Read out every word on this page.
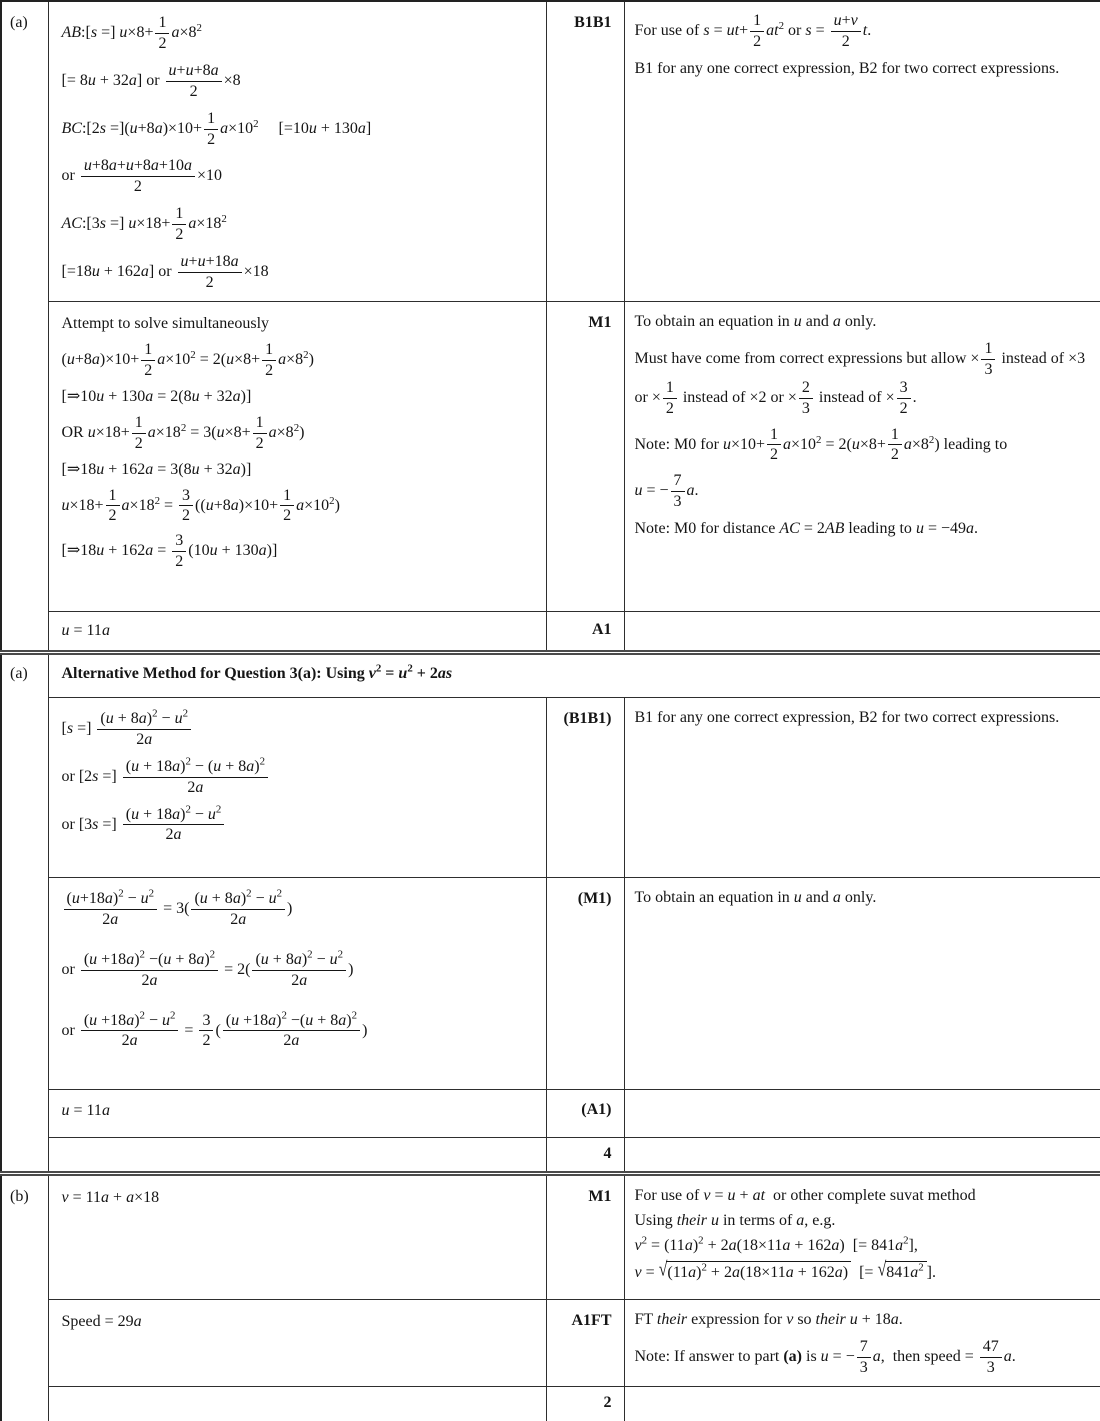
(a)	
AB:[s =] $u\times 8+ \frac{1}{2} a\times 8^2$
[= 8u + 32a] or $\frac{u+u+8a}{2} \times 8$
BC:[2s $=](u+8a)\times 10+ \frac{1}{2} a\times 10^2$     [=10u + 130a]
or $\frac{u+8a+u+8a+10a}{2} \times 10$
AC:[3s =] $u\times 18+ \frac{1}{2} a\times 18^2$
[=18u + 162a] or $\frac{u+u+18a}{2} \times 18$
	B1B1	For use of $s = ut+ \frac{1}{2} at^2$ or $s = \frac{u+v}{2} t$.
B1 for any one correct expression, B2 for two correct expressions.

Attempt to solve simultaneously
$(u+8a)\times 10+ \frac{1}{2} a\times 10^2 = 2(u\times 8+ \frac{1}{2} a\times 8^2)$
[⇒10u + 130a = 2(8u + 32a)]
OR $u\times 18+ \frac{1}{2} a\times 18^2 = 3(u\times 8+ \frac{1}{2} a\times 8^2)$
[⇒18u + 162a = 3(8u + 32a)]
$u\times 18+ \frac{1}{2} a\times 18^2 = \frac{3}{2} ((u+8a)\times 10+ \frac{1}{2} a\times 10^2)$
[⇒18u + $162a = \frac{3}{2} (10u + 130a)$]
	M1	To obtain an equation in u and a only.
Must have come from correct expressions but allow × $\frac{1}{3}$ instead of ×3 or × $\frac{1}{2}$ instead of ×2 or × $\frac{2}{3}$ instead of × $\frac{3}{2}$ .
Note: M0 for $u\times 10+ \frac{1}{2} a\times 10^2 = 2(u\times 8+ \frac{1}{2} a\times 8^2)$ leading to
u = − $\frac{7}{3} a$.
Note: M0 for distance AC = 2AB leading to u = −49a.

	u = 11a	A1	
(a)	Alternative Method for Question 3(a): Using $v^2 = u^2 + 2as$		

[s =] $\frac{(u + 8a)^2 - u^2}{2a}$
or [2s =] $\frac{(u + 18a)^2 - (u + 8a)^2}{2a}$
or [3s =] $\frac{(u + 18a)^2 - u^2}{2a}$
	(B1B1)	B1 for any one correct expression, B2 for two correct expressions.

$\frac{(u+18a)^2 - u^2}{2a} = 3( \frac{(u + 8a)^2 - u^2}{2a}$ )
or $\frac{(u +18a)^2 -(u + 8a)^2}{2a} = 2( \frac{(u + 8a)^2 - u^2}{2a}$ )
or $\frac{(u +18a)^2 - u^2}{2a} = \frac{3}{2}$ ( $\frac{(u +18a)^2 -(u + 8a)^2}{2a}$ )
	(M1)	To obtain an equation in u and a only.

	u = 11a	(A1)	
		4	
(b)	v = 11a + a×18	M1	For use of v = u + at  or other complete suvat method
Using their u in terms of a, e.g.
$v^2 = (11a)^2 + 2a(18\times 11a + 162a)$  [= $841a^2$],
$v = √(11a)^2 + 2a(18\times 11a + 162a)$  [= $√841a^2$ ].

Speed = 29a	A1FT	FT their expression for v so their u + 18a.
Note: If answer to part (a) is u = − $\frac{7}{3} a$,  then speed = $\frac{47}{3} a$.

		2	
